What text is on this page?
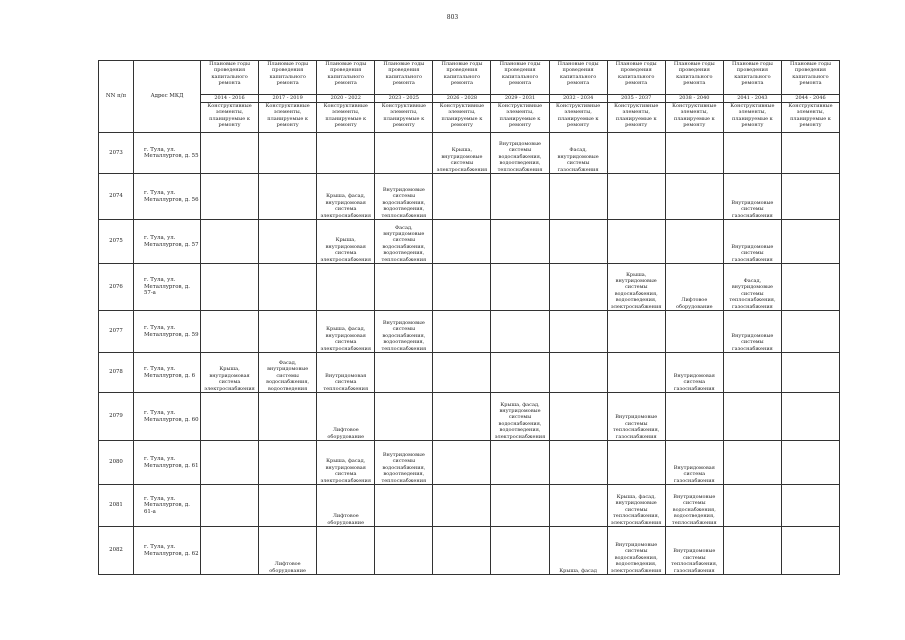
803
NN п/п	Адрес МКД	Плановые годы проведения капитального ремонта	Плановые годы проведения капитального ремонта	Плановые годы проведения капитального ремонта	Плановые годы проведения капитального ремонта	Плановые годы проведения капитального ремонта	Плановые годы проведения капитального ремонта	Плановые годы проведения капитального ремонта	Плановые годы проведения капитального ремонта	Плановые годы проведения капитального ремонта	Плановые годы проведения капитального ремонта	Плановые годы проведения капитального ремонта
		2014 - 2016	2017 - 2019	2020 - 2022	2023 - 2025	2026 - 2028	2029 - 2031	2032 - 2034	2035 - 2037	2038 - 2040	2041 - 2043	2044 - 2046
		Конструктивные элементы, планируемые к ремонту	Конструктивные элементы, планируемые к ремонту	Конструктивные элементы, планируемые к ремонту	Конструктивные элементы, планируемые к ремонту	Конструктивные элементы, планируемые к ремонту	Конструктивные элементы, планируемые к ремонту	Конструктивные элементы, планируемые к ремонту	Конструктивные элементы, планируемые к ремонту	Конструктивные элементы, планируемые к ремонту	Конструктивные элементы, планируемые к ремонту	Конструктивные элементы, планируемые к ремонту
2073	г. Тула, ул. Металлургов, д. 55					Крыша, внутридомовые системы электроснабжения	Внутридомовые системы водоснабжения, водоотведения, теплоснабжения	Фасад, внутридомовые системы газоснабжения				
2074	г. Тула, ул. Металлургов, д. 56			Крыша, фасад, внутридомовая система электроснабжения	Внутридомовые системы водоснабжения, водоотведения, теплоснабжения						Внутридомовые системы газоснабжения	
2075	г. Тула, ул. Металлургов, д. 57			Крыша, внутридомовая система электроснабжения	Фасад, внутридомовые системы водоснабжения, водоотведения, теплоснабжения						Внутридомовые системы газоснабжения	
2076	г. Тула, ул. Металлургов, д. 57-а								Крыша, внутридомовые системы водоснабжения, водоотведения, электроснабжения	Лифтовое оборудование	Фасад, внутридомовые системы теплоснабжения, газоснабжения	
2077	г. Тула, ул. Металлургов, д. 59			Крыша, фасад, внутридомовая система электроснабжения	Внутридомовые системы водоснабжения, водоотведения, теплоснабжения						Внутридомовые системы газоснабжения	
2078	г. Тула, ул. Металлургов, д. 6	Крыша, внутридомовая система электроснабжения	Фасад, внутридомовые системы водоснабжения, водоотведения	Внутридомовая система теплоснабжения						Внутридомовая система газоснабжения		
2079	г. Тула, ул. Металлургов, д. 60			Лифтовое оборудование			Крыша, фасад, внутридомовые системы водоснабжения, водоотведения, электроснабжения		Внутридомовые системы теплоснабжения, газоснабжения			
2080	г. Тула, ул. Металлургов, д. 61			Крыша, фасад, внутридомовая система электроснабжения	Внутридомовые системы водоснабжения, водоотведения, теплоснабжения					Внутридомовая система газоснабжения		
2081	г. Тула, ул. Металлургов, д. 61-а			Лифтовое оборудование					Крыша, фасад, внутридомовые системы теплоснабжения, электроснабжения	Внутридомовые системы водоснабжения, водоотведения, теплоснабжения		
2082	г. Тула, ул. Металлургов, д. 62		Лифтовое оборудование					Крыша, фасад	Внутридомовые системы водоснабжения, водоотведения, электроснабжения	Внутридомовые системы теплоснабжения, газоснабжения		
